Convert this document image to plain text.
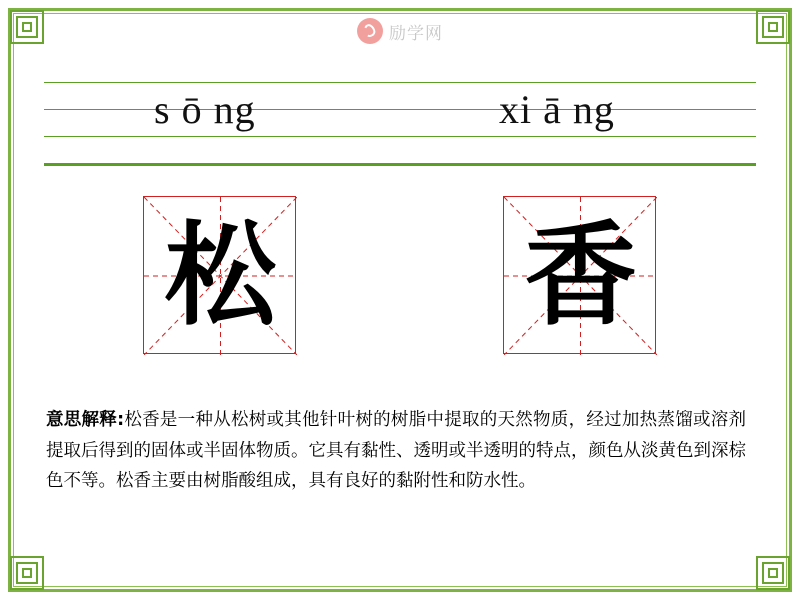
励学网
s ō ng	xi ā ng
松 香
意思解释:松香是一种从松树或其他针叶树的树脂中提取的天然物质，经过加热蒸馏或溶剂提取后得到的固体或半固体物质。它具有黏性、透明或半透明的特点，颜色从淡黄色到深棕色不等。松香主要由树脂酸组成，具有良好的黏附性和防水性。
